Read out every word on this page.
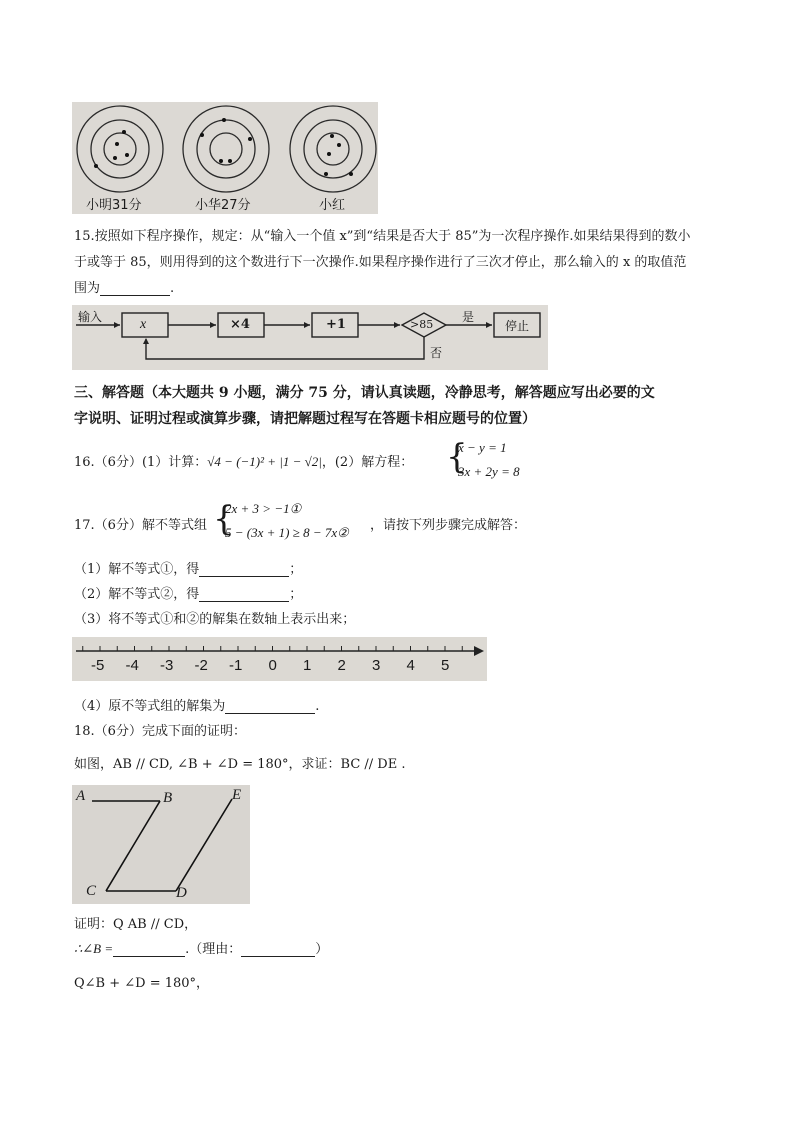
小明31分	小华27分	小红
15.按照如下程序操作，规定：从“输入一个值 x”到“结果是否大于 85”为一次程序操作.如果结果得到的数小
于或等于 85，则用得到的这个数进行下一次操作.如果程序操作进行了三次才停止，那么输入的 x 的取值范
围为	.
输入	x	×4	+1	>85
是
否
停止
三、解答题（本大题共 9 小题，满分 75 分，请认真读题，冷静思考，解答题应写出必要的文
字说明、证明过程或演算步骤，请把解题过程写在答题卡相应题号的位置）
16.（6分）(1）计算：√4 − (−1)² + |1 − √2|，(2）解方程： {
x − y = 1
3x + 2y = 8
17.（6分）解不等式组 {
2x + 3 > −1①
5 − (3x + 1) ≥ 8 − 7x② ，请按下列步骤完成解答：
（1）解不等式①，得	；
（2）解不等式②，得	；
（3）将不等式①和②的解集在数轴上表示出来；
-5 -4 -3 -2 -1 0 1 2 3 4 5
（4）原不等式组的解集为	.
18.（6分）完成下面的证明：
如图，AB // CD, ∠B + ∠D = 180°，求证：BC // DE .
A	B	E
C	D
证明：Q AB // CD，
∴∠B =	.（理由：	）
Q∠B + ∠D = 180°，
